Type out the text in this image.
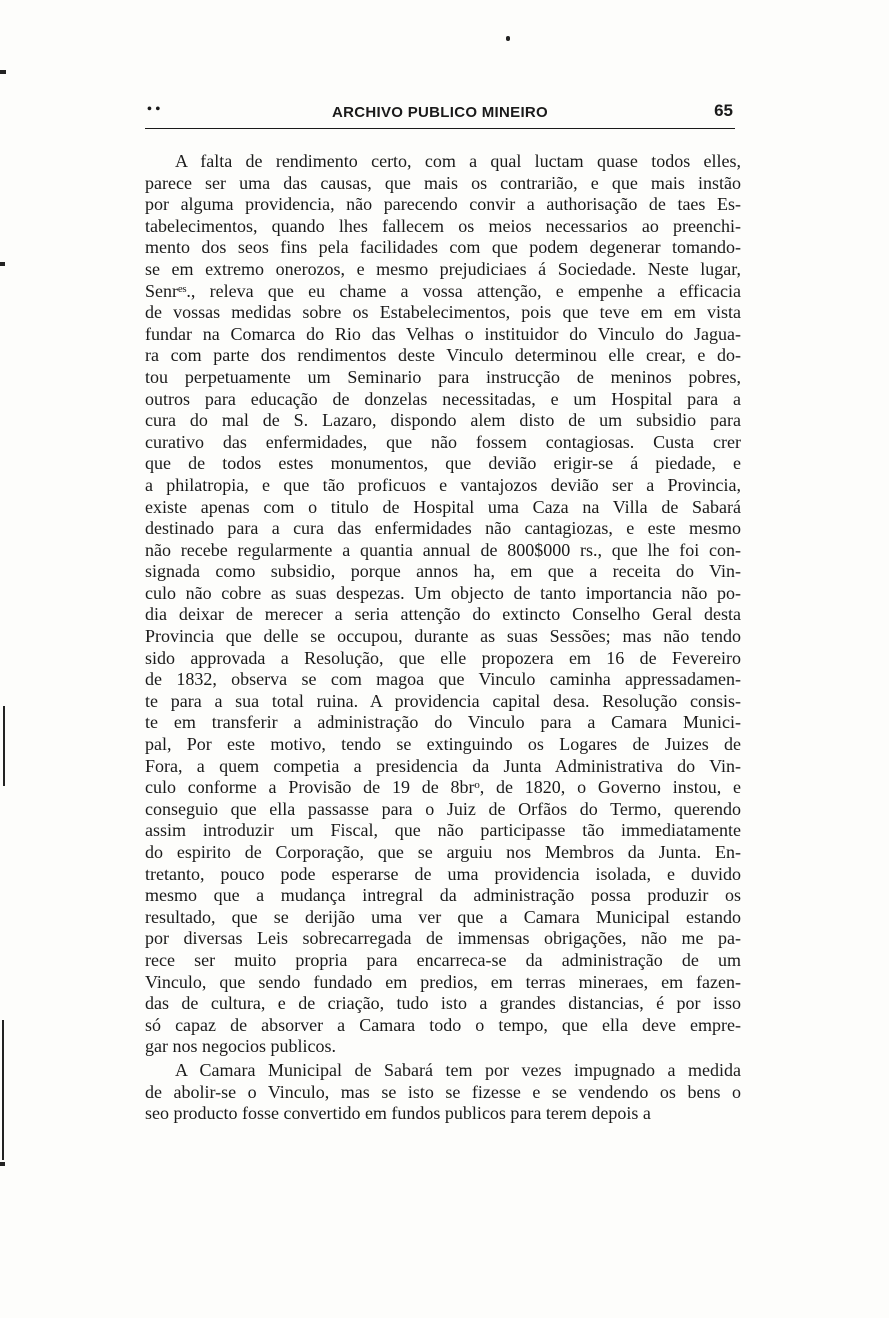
• •	ARCHIVO PUBLICO MINEIRO	65
A falta de rendimento certo, com a qual luctam quase todos elles,
parece ser uma das causas, que mais os contrarião, e que mais instão
por alguma providencia, não parecendo convir a authorisação de taes Es-
tabelecimentos, quando lhes fallecem os meios necessarios ao preenchi-
mento dos seos fins pela facilidades com que podem degenerar tomando-
se em extremo onerozos, e mesmo prejudiciaes á Sociedade. Neste lugar,
Senrᵉˢ., releva que eu chame a vossa attenção, e empenhe a efficacia
de vossas medidas sobre os Estabelecimentos, pois que teve em em vista
fundar na Comarca do Rio das Velhas o instituidor do Vinculo do Jagua-
ra com parte dos rendimentos deste Vinculo determinou elle crear, e do-
tou perpetuamente um Seminario para instrucção de meninos pobres,
outros para educação de donzelas necessitadas, e um Hospital para a
cura do mal de S. Lazaro, dispondo alem disto de um subsidio para
curativo das enfermidades, que não fossem contagiosas. Custa crer
que de todos estes monumentos, que devião erigir-se á piedade, e
a philatropia, e que tão proficuos e vantajozos devião ser a Provincia,
existe apenas com o titulo de Hospital uma Caza na Villa de Sabará
destinado para a cura das enfermidades não cantagiozas, e este mesmo
não recebe regularmente a quantia annual de 800$000 rs., que lhe foi con-
signada como subsidio, porque annos ha, em que a receita do Vin-
culo não cobre as suas despezas. Um objecto de tanto importancia não po-
dia deixar de merecer a seria attenção do extincto Conselho Geral desta
Provincia que delle se occupou, durante as suas Sessões; mas não tendo
sido approvada a Resolução, que elle propozera em 16 de Fevereiro
de 1832, observa se com magoa que Vinculo caminha appressadamen-
te para a sua total ruina. A providencia capital desa. Resolução consis-
te em transferir a administração do Vinculo para a Camara Munici-
pal, Por este motivo, tendo se extinguindo os Logares de Juizes de
Fora, a quem competia a presidencia da Junta Administrativa do Vin-
culo conforme a Provisão de 19 de 8brᵒ, de 1820, o Governo instou, e
conseguio que ella passasse para o Juiz de Orfãos do Termo, querendo
assim introduzir um Fiscal, que não participasse tão immediatamente
do espirito de Corporação, que se arguiu nos Membros da Junta. En-
tretanto, pouco pode esperarse de uma providencia isolada, e duvido
mesmo que a mudança intregral da administração possa produzir os
resultado, que se derijão uma ver que a Camara Municipal estando
por diversas Leis sobrecarregada de immensas obrigações, não me pa-
rece ser muito propria para encarreca-se da administração de um
Vinculo, que sendo fundado em predios, em terras mineraes, em fazen-
das de cultura, e de criação, tudo isto a grandes distancias, é por isso
só capaz de absorver a Camara todo o tempo, que ella deve empre-
gar nos negocios publicos.
A Camara Municipal de Sabará tem por vezes impugnado a medida
de abolir-se o Vinculo, mas se isto se fizesse e se vendendo os bens o
seo producto fosse convertido em fundos publicos para terem depois a
